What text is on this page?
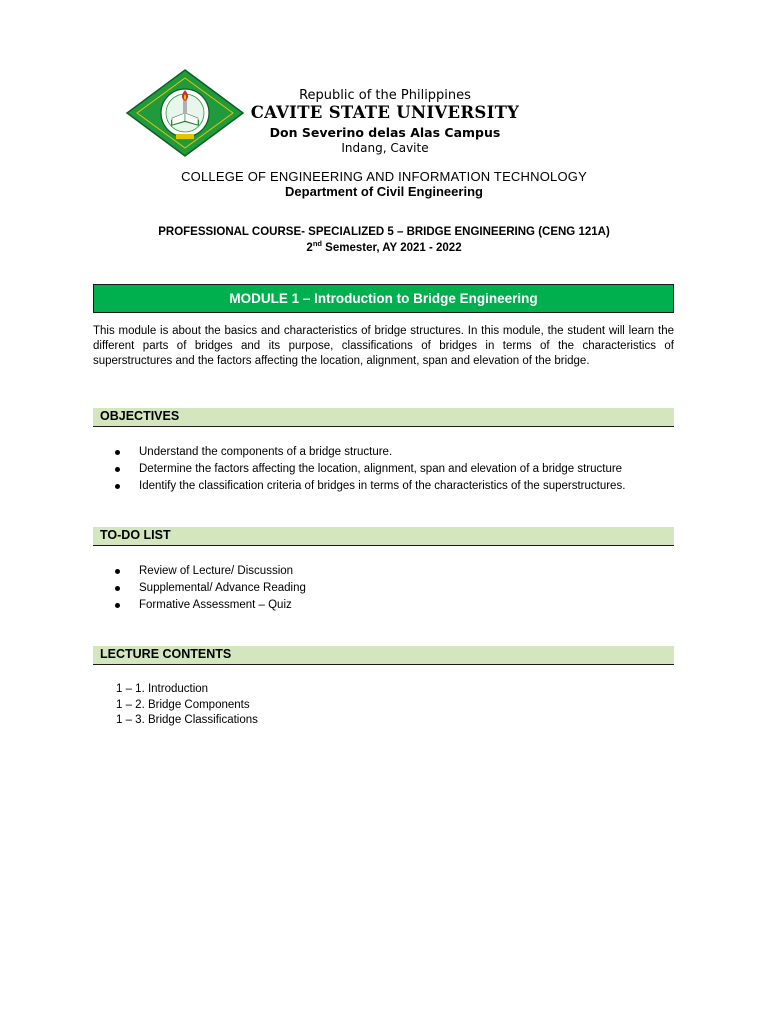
Republic of the Philippines
CAVITE STATE UNIVERSITY
Don Severino delas Alas Campus
Indang, Cavite
COLLEGE OF ENGINEERING AND INFORMATION TECHNOLOGY
Department of Civil Engineering
PROFESSIONAL COURSE- SPECIALIZED 5 – BRIDGE ENGINEERING (CENG 121A)
2nd Semester, AY 2021 - 2022
MODULE 1 – Introduction to Bridge Engineering
This module is about the basics and characteristics of bridge structures. In this module, the student will learn the different parts of bridges and its purpose, classifications of bridges in terms of the characteristics of superstructures and the factors affecting the location, alignment, span and elevation of the bridge.
OBJECTIVES
Understand the components of a bridge structure.
Determine the factors affecting the location, alignment, span and elevation of a bridge structure
Identify the classification criteria of bridges in terms of the characteristics of the superstructures.
TO-DO LIST
Review of Lecture/ Discussion
Supplemental/ Advance Reading
Formative Assessment – Quiz
LECTURE CONTENTS
1 – 1. Introduction
1 – 2. Bridge Components
1 – 3. Bridge Classifications
